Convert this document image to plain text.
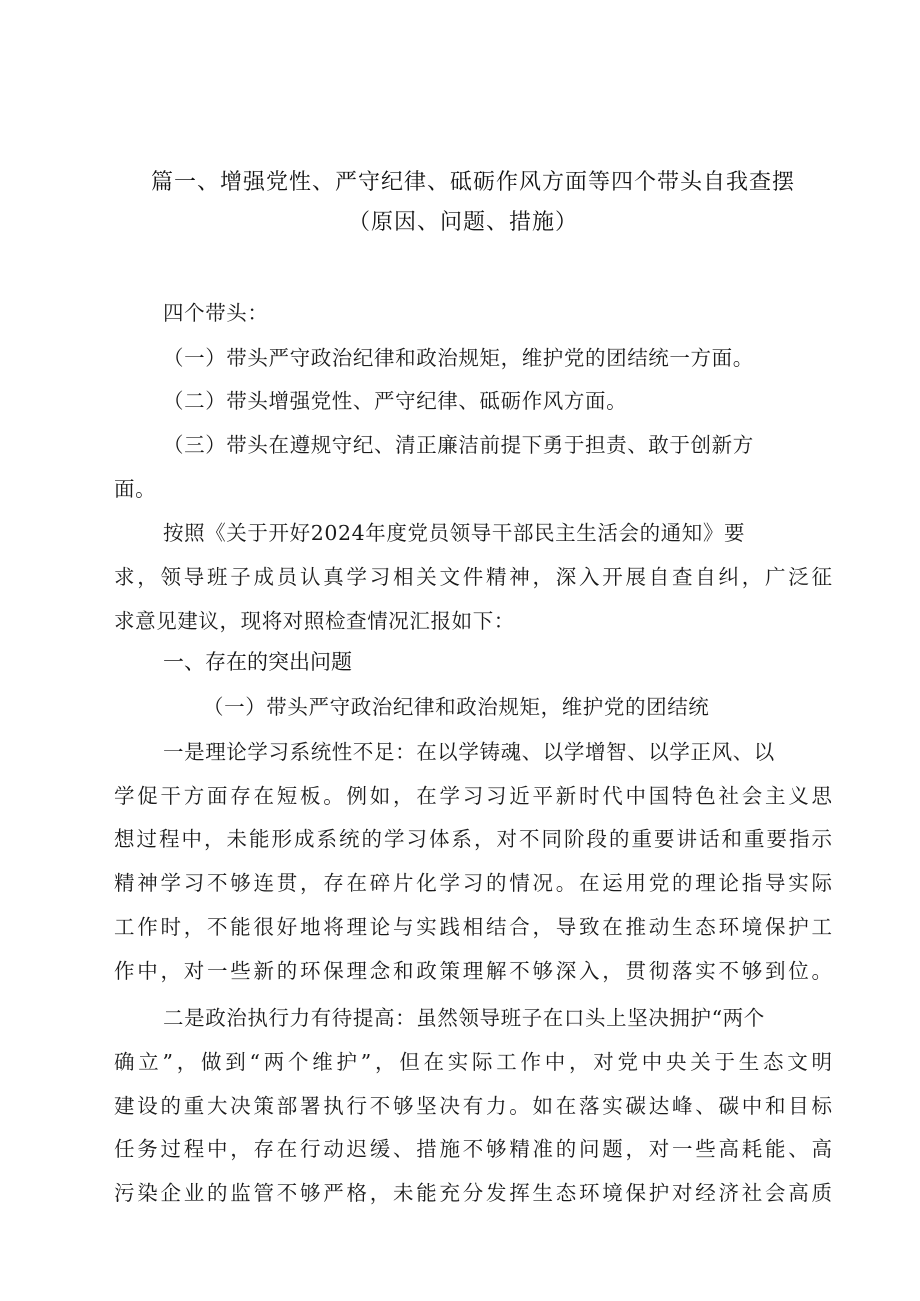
篇一、增强党性、严守纪律、砥砺作风方面等四个带头自我查摆
（原因、问题、措施）
四个带头：
（一）带头严守政治纪律和政治规矩，维护党的团结统一方面。
（二）带头增强党性、严守纪律、砥砺作风方面。
（三）带头在遵规守纪、清正廉洁前提下勇于担责、敢于创新方
面。
按照《关于开好2024年度党员领导干部民主生活会的通知》要
求，领导班子成员认真学习相关文件精神，深入开展自查自纠，广泛征
求意见建议，现将对照检查情况汇报如下：
一、存在的突出问题
（一）带头严守政治纪律和政治规矩，维护党的团结统
一是理论学习系统性不足：在以学铸魂、以学增智、以学正风、以
学促干方面存在短板。例如，在学习习近平新时代中国特色社会主义思
想过程中，未能形成系统的学习体系，对不同阶段的重要讲话和重要指示
精神学习不够连贯，存在碎片化学习的情况。在运用党的理论指导实际
工作时，不能很好地将理论与实践相结合，导致在推动生态环境保护工
作中，对一些新的环保理念和政策理解不够深入，贯彻落实不够到位。
二是政治执行力有待提高：虽然领导班子在口头上坚决拥护“两个
确立”，做到“两个维护”，但在实际工作中，对党中央关于生态文明
建设的重大决策部署执行不够坚决有力。如在落实碳达峰、碳中和目标
任务过程中，存在行动迟缓、措施不够精准的问题，对一些高耗能、高
污染企业的监管不够严格，未能充分发挥生态环境保护对经济社会高质
